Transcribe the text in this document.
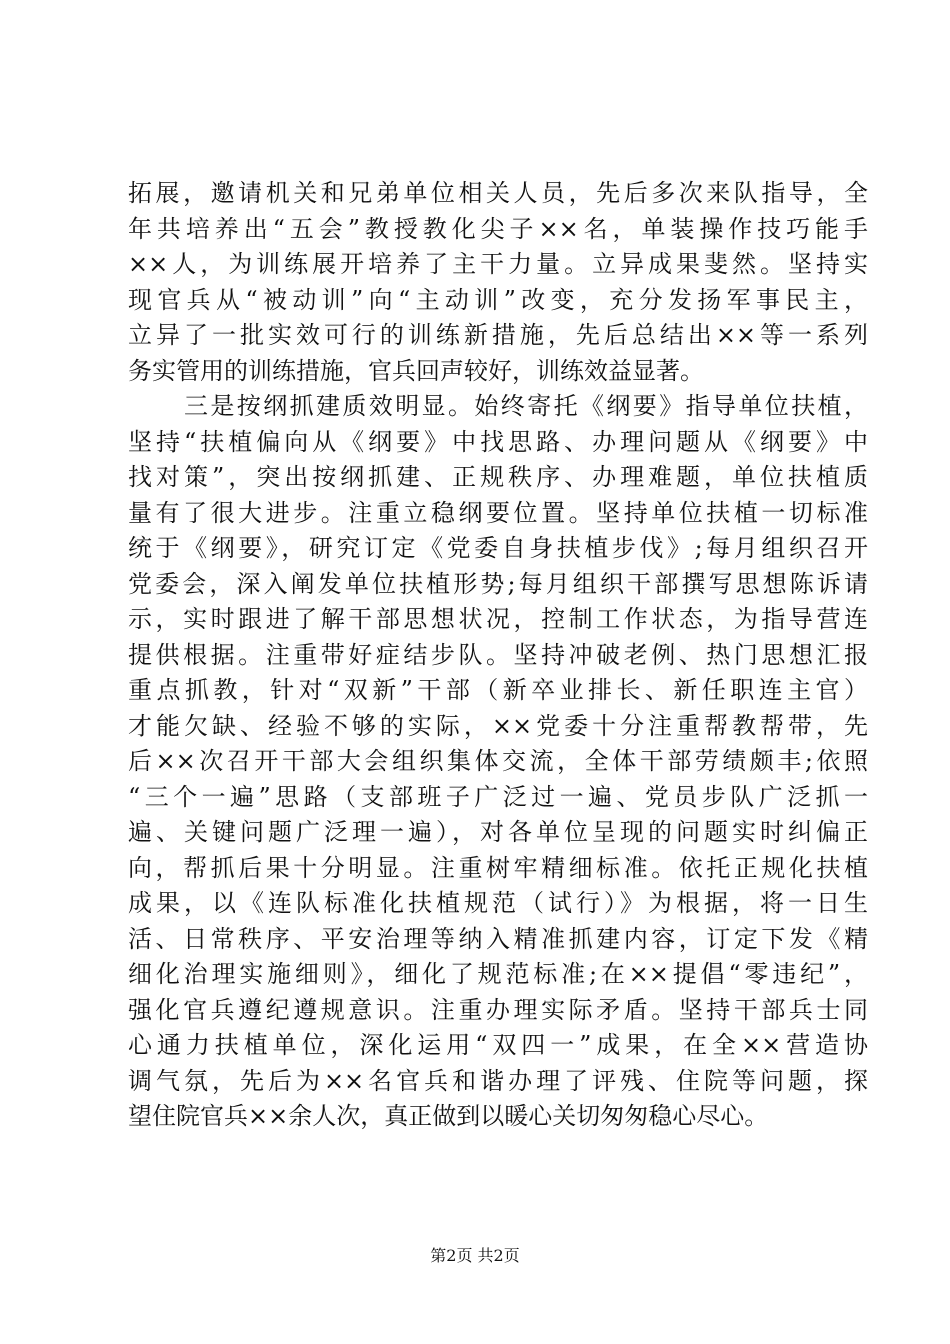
拓展，邀请机关和兄弟单位相关人员，先后多次来队指导，全
年共培养出“五会”教授教化尖子××名，单装操作技巧能手
××人，为训练展开培养了主干力量。立异成果斐然。坚持实
现官兵从“被动训”向“主动训”改变，充分发扬军事民主，
立异了一批实效可行的训练新措施，先后总结出××等一系列
务实管用的训练措施，官兵回声较好，训练效益显著。
三是按纲抓建质效明显。始终寄托《纲要》指导单位扶植，
坚持“扶植偏向从《纲要》中找思路、办理问题从《纲要》中
找对策”，突出按纲抓建、正规秩序、办理难题，单位扶植质
量有了很大进步。注重立稳纲要位置。坚持单位扶植一切标准
统于《纲要》，研究订定《党委自身扶植步伐》;每月组织召开
党委会，深入阐发单位扶植形势;每月组织干部撰写思想陈诉请
示，实时跟进了解干部思想状况，控制工作状态，为指导营连
提供根据。注重带好症结步队。坚持冲破老例、热门思想汇报
重点抓教，针对“双新”干部（新卒业排长、新任职连主官）
才能欠缺、经验不够的实际，××党委十分注重帮教帮带，先
后××次召开干部大会组织集体交流，全体干部劳绩颇丰;依照
“三个一遍”思路（支部班子广泛过一遍、党员步队广泛抓一
遍、关键问题广泛理一遍），对各单位呈现的问题实时纠偏正
向，帮抓后果十分明显。注重树牢精细标准。依托正规化扶植
成果，以《连队标准化扶植规范（试行）》为根据，将一日生
活、日常秩序、平安治理等纳入精准抓建内容，订定下发《精
细化治理实施细则》，细化了规范标准;在××提倡“零违纪”，
强化官兵遵纪遵规意识。注重办理实际矛盾。坚持干部兵士同
心通力扶植单位，深化运用“双四一”成果，在全××营造协
调气氛，先后为××名官兵和谐办理了评残、住院等问题，探
望住院官兵××余人次，真正做到以暖心关切匆匆稳心尽心。
第2页 共2页
